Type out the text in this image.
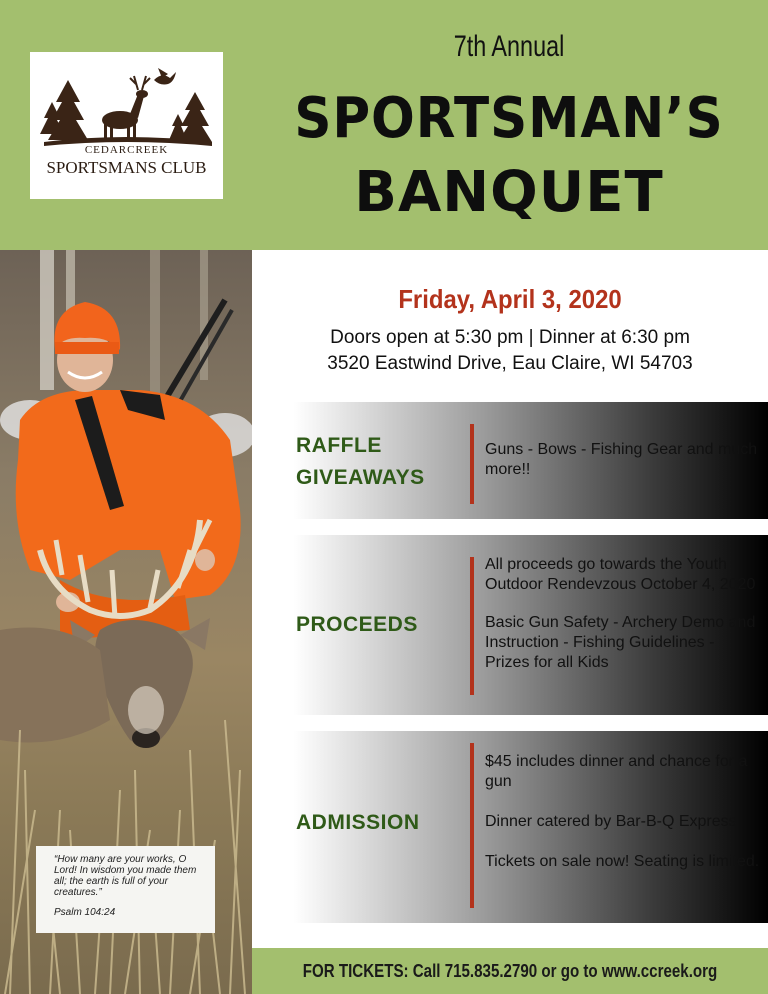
CEDARCREEK
SPORTSMANS CLUB
7th Annual
SPORTSMAN’S
BANQUET
“How many are your works, O Lord! In wisdom you made them all; the earth is full of your creatures.”
Psalm 104:24
Friday, April 3, 2020
Doors open at 5:30 pm | Dinner at 6:30 pm
3520 Eastwind Drive, Eau Claire, WI 54703
RAFFLE
GIVEAWAYS

Guns - Bows - Fishing Gear and much more!!

PROCEEDS

All proceeds go towards the Youth Outdoor Rendevzous October 4, 2020

Basic Gun Safety - Archery Demo and Instruction - Fishing Guidelines - Prizes for all Kids

ADMISSION

$45 includes dinner and chance for a gun

Dinner catered by Bar-B-Q Express

Tickets on sale now! Seating is limited.

FOR TICKETS: Call 715.835.2790 or go to www.ccreek.org
